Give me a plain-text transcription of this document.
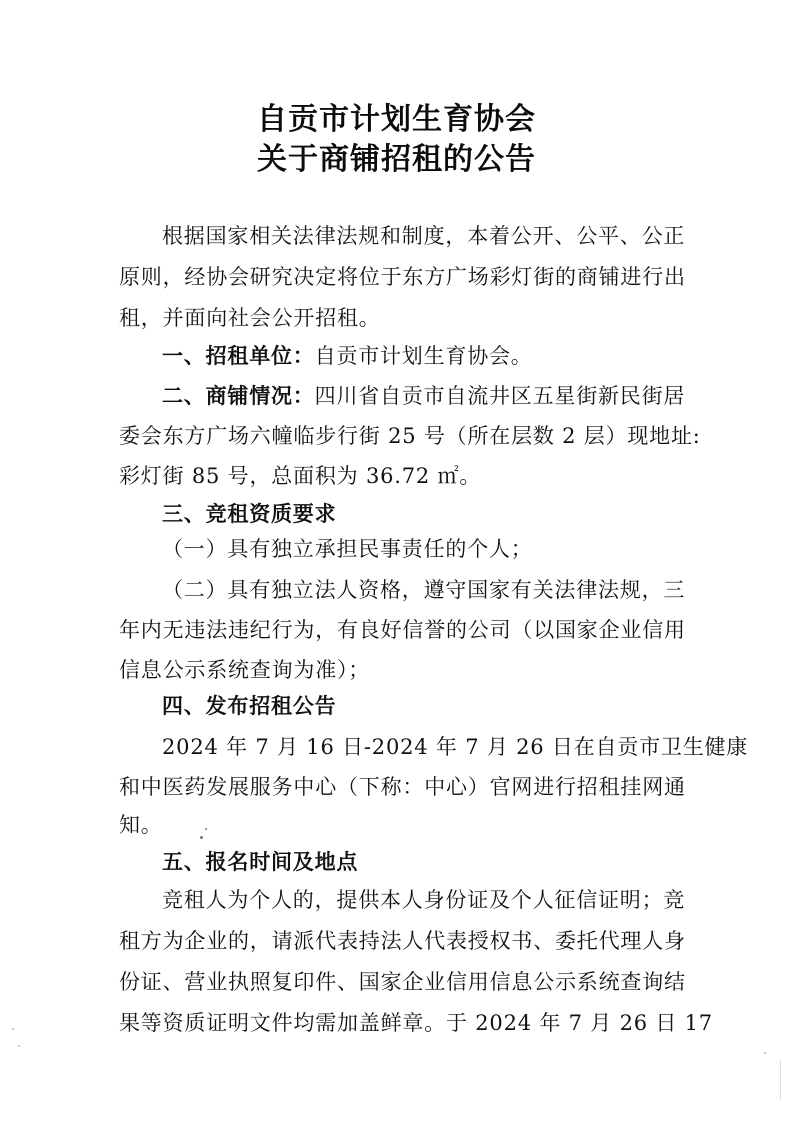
自贡市计划生育协会
关于商铺招租的公告
根据国家相关法律法规和制度，本着公开、公平、公正
原则，经协会研究决定将位于东方广场彩灯街的商铺进行出
租，并面向社会公开招租。
一、招租单位：自贡市计划生育协会。
二、商铺情况：四川省自贡市自流井区五星街新民街居
委会东方广场六幢临步行街 25 号（所在层数 2 层）现地址:
彩灯街 85 号，总面积为 36.72 ㎡。
三、竞租资质要求
（一）具有独立承担民事责任的个人；
（二）具有独立法人资格，遵守国家有关法律法规，三
年内无违法违纪行为，有良好信誉的公司（以国家企业信用
信息公示系统查询为准）；
四、发布招租公告
2024 年 7 月 16 日-2024 年 7 月 26 日在自贡市卫生健康
和中医药发展服务中心（下称：中心）官网进行招租挂网通
知。
五、报名时间及地点
竞租人为个人的，提供本人身份证及个人征信证明；竞
租方为企业的，请派代表持法人代表授权书、委托代理人身
份证、营业执照复印件、国家企业信用信息公示系统查询结
果等资质证明文件均需加盖鲜章。于 2024 年 7 月 26 日 17
